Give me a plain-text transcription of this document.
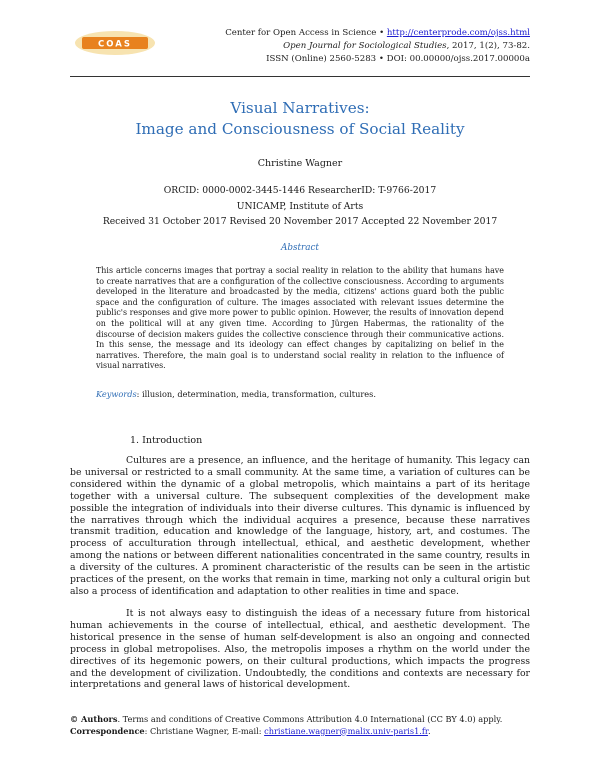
COAS
Center for Open Access in Science • http://centerprode.com/ojss.html
Open Journal for Sociological Studies, 2017, 1(2), 73-82.
ISSN (Online) 2560-5283 • DOI: 00.00000/ojss.2017.00000a
Visual Narratives:
Image and Consciousness of Social Reality
Christine Wagner
ORCID: 0000-0002-3445-1446 ResearcherID: T-9766-2017
UNICAMP, Institute of Arts
Received 31 October 2017 Revised 20 November 2017 Accepted 22 November 2017
Abstract
This article concerns images that portray a social reality in relation to the ability that humans have to create narratives that are a configuration of the collective consciousness. According to arguments developed in the literature and broadcasted by the media, citizens' actions guard both the public space and the configuration of culture. The images associated with relevant issues determine the public's responses and give more power to public opinion. However, the results of innovation depend on the political will at any given time. According to Jürgen Habermas, the rationality of the discourse of decision makers guides the collective conscience through their communicative actions. In this sense, the message and its ideology can effect changes by capitalizing on belief in the narratives. Therefore, the main goal is to understand social reality in relation to the influence of visual narratives.
Keywords: illusion, determination, media, transformation, cultures.
1. Introduction
Cultures are a presence, an influence, and the heritage of humanity. This legacy can be universal or restricted to a small community. At the same time, a variation of cultures can be considered within the dynamic of a global metropolis, which maintains a part of its heritage together with a universal culture. The subsequent complexities of the development make possible the integration of individuals into their diverse cultures. This dynamic is influenced by the narratives through which the individual acquires a presence, because these narratives transmit tradition, education and knowledge of the language, history, art, and costumes. The process of acculturation through intellectual, ethical, and aesthetic development, whether among the nations or between different nationalities concentrated in the same country, results in a diversity of the cultures. A prominent characteristic of the results can be seen in the artistic practices of the present, on the works that remain in time, marking not only a cultural origin but also a process of identification and adaptation to other realities in time and space.
It is not always easy to distinguish the ideas of a necessary future from historical human achievements in the course of intellectual, ethical, and aesthetic development. The historical presence in the sense of human self-development is also an ongoing and connected process in global metropolises. Also, the metropolis imposes a rhythm on the world under the directives of its hegemonic powers, on their cultural productions, which impacts the progress and the development of civilization. Undoubtedly, the conditions and contexts are necessary for interpretations and general laws of historical development.
© Authors. Terms and conditions of Creative Commons Attribution 4.0 International (CC BY 4.0) apply.
Correspondence: Christiane Wagner, E-mail: christiane.wagner@malix.univ-paris1.fr.
